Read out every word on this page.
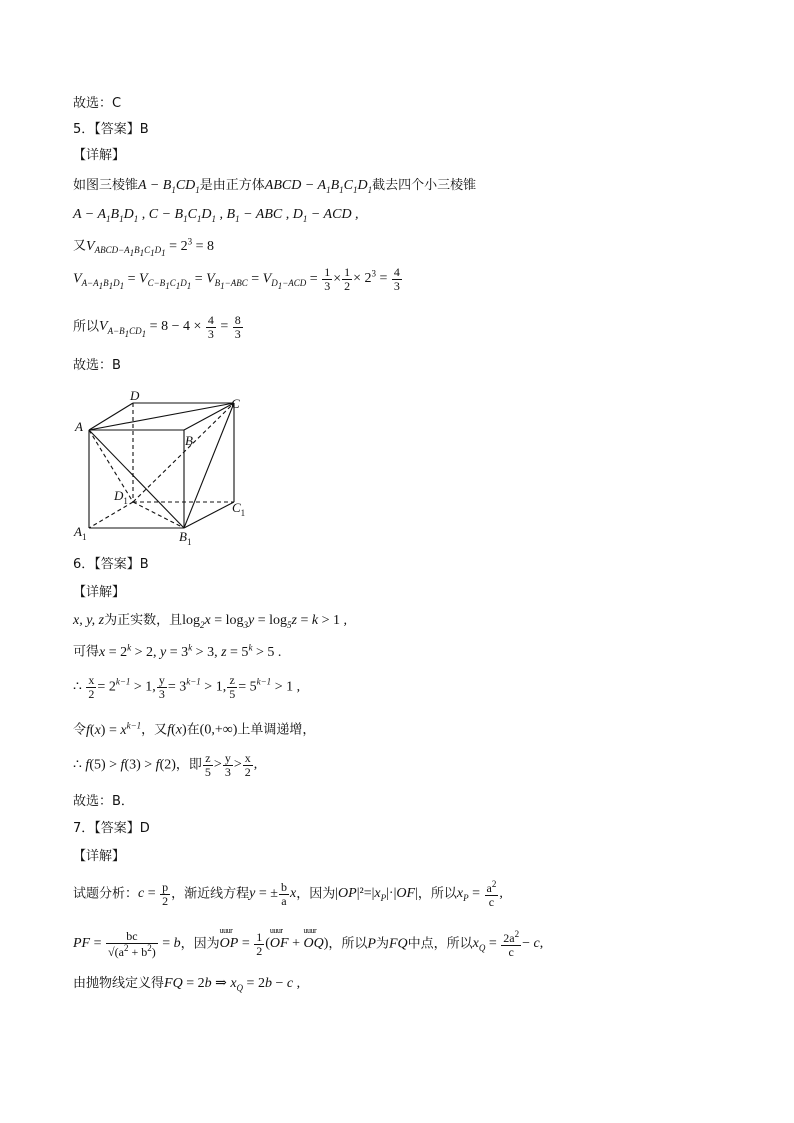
故选：C
5．【答案】B
【详解】
如图三棱锥$A - B_1CD_1$是由正方体ABCD − $A_1B_1C_1D_1$截去四个小三棱锥
$A - A_1B_1D_1$ , $C - B_1C_1D_1$ , $B_1$ − ABC , $D_1$ − ACD ,
又$V_{ABCD-A_1B_1C_1D_1} = 2^3 = 8$
$V_{A-A_1B_1D_1} = V_{C-B_1C_1D_1} = V_{B_1-ABC} = V_{D_1-ACD} = \frac{1}{3} \times \frac{1}{2} \times 2^3 = \frac{4}{3}$
所以$V_{A-B_1CD_1} = 8 - 4 \times \frac{4}{3} = \frac{8}{3}$
故选：B
D
C
A
B
$D_1$	$C_1$
$A_1$	$B_1$
6．【答案】B
【详解】
x, y, z为正实数，且$\log_2x = \log_3y = \log_5z = k > 1$ ,
可得$x = 2^k > 2$, $y = 3^k > 3$, $z = 5^k > 5$ .
∴ $\frac{x}{2} = 2^{k-1} > 1$, $\frac{y}{3} = 3^{k-1} > 1$, $\frac{z}{5} = 5^{k-1} > 1$ ,
令$f(x) = x^{k-1}$，又f(x)在(0,+∞)上单调递增，
∴ f(5) > f(3) > f(2)，即 $\frac{z}{5} > \frac{y}{3} > \frac{x}{2}$ ,
故选：B．
7．【答案】D
【详解】
试题分析：$c = \frac{p}{2}$ ，渐近线方程y = ± $\frac{b}{a}$ x，因为$|OP|^2=|x_P|\cdot|OF|$，所以$x_P = \frac{a^2}{c}$ ,
PF = $\frac{bc}{√(a^2 + b^2)} = b$，因为uuur OP = $\frac{1}{2}$ (uuur OF + uuur OQ)，所以P为FQ中点，所以$x_Q = \frac{2a^2}{c} - c$,
由抛物线定义得FQ = 2b ⇒ $x_Q = 2b - c$ ,
